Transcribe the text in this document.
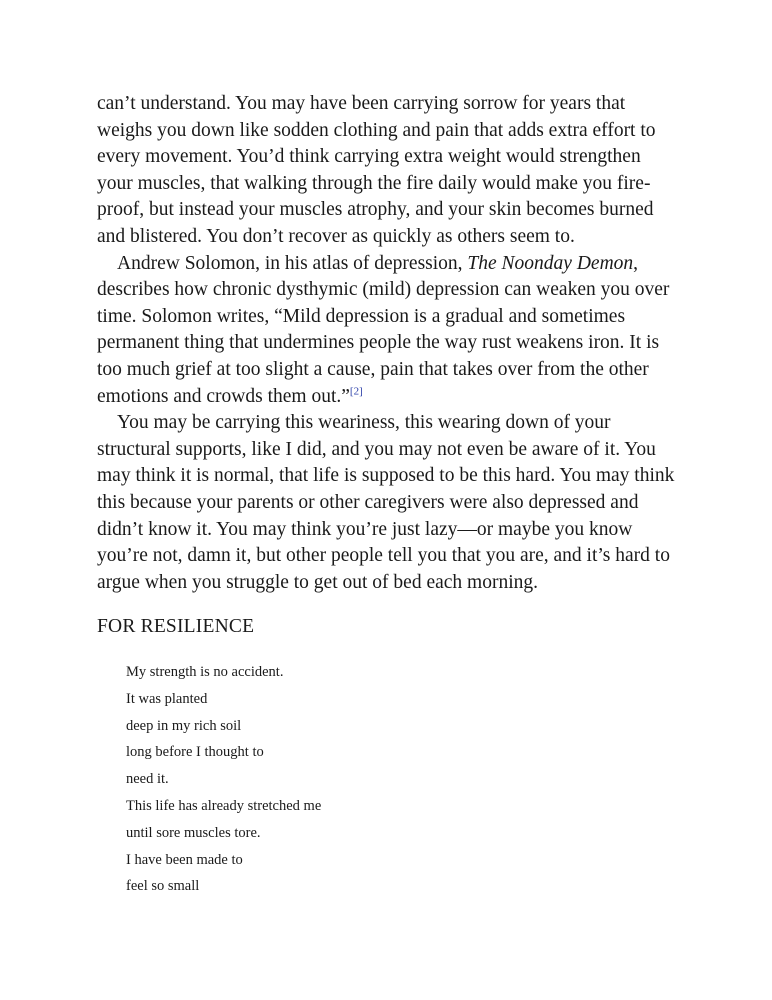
can’t understand. You may have been carrying sorrow for years that weighs you down like sodden clothing and pain that adds extra effort to every movement. You’d think carrying extra weight would strengthen your muscles, that walking through the fire daily would make you fire-proof, but instead your muscles atrophy, and your skin becomes burned and blistered. You don’t recover as quickly as others seem to.

Andrew Solomon, in his atlas of depression, The Noonday Demon, describes how chronic dysthymic (mild) depression can weaken you over time. Solomon writes, “Mild depression is a gradual and sometimes permanent thing that undermines people the way rust weakens iron. It is too much grief at too slight a cause, pain that takes over from the other emotions and crowds them out.”[2]

You may be carrying this weariness, this wearing down of your structural supports, like I did, and you may not even be aware of it. You may think it is normal, that life is supposed to be this hard. You may think this because your parents or other caregivers were also depressed and didn’t know it. You may think you’re just lazy—or maybe you know you’re not, damn it, but other people tell you that you are, and it’s hard to argue when you struggle to get out of bed each morning.

FOR RESILIENCE
My strength is no accident.
It was planted
deep in my rich soil
long before I thought to
need it.
This life has already stretched me
until sore muscles tore.
I have been made to
feel so small
